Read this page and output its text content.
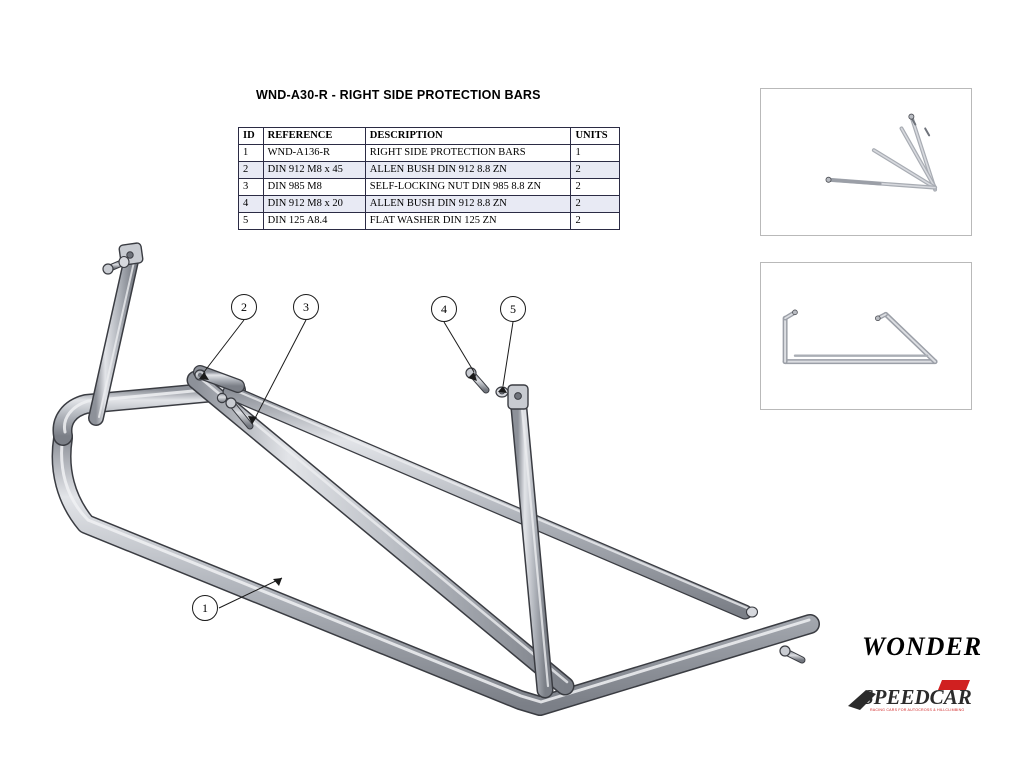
WND-A30-R - RIGHT SIDE PROTECTION BARS
ID	REFERENCE	DESCRIPTION	UNITS
1	WND-A136-R	RIGHT SIDE PROTECTION BARS	1
2	DIN 912 M8 x 45	ALLEN BUSH DIN 912 8.8 ZN	2
3	DIN 985 M8	SELF-LOCKING NUT DIN 985 8.8 ZN	2
4	DIN 912 M8 x 20	ALLEN BUSH DIN 912 8.8 ZN	2
5	DIN 125 A8.4	FLAT WASHER DIN 125 ZN	2
2	3	4	5
1
WONDER
SPEEDCAR
RACING CARS FOR AUTOCROSS & HILLCLIMBING
